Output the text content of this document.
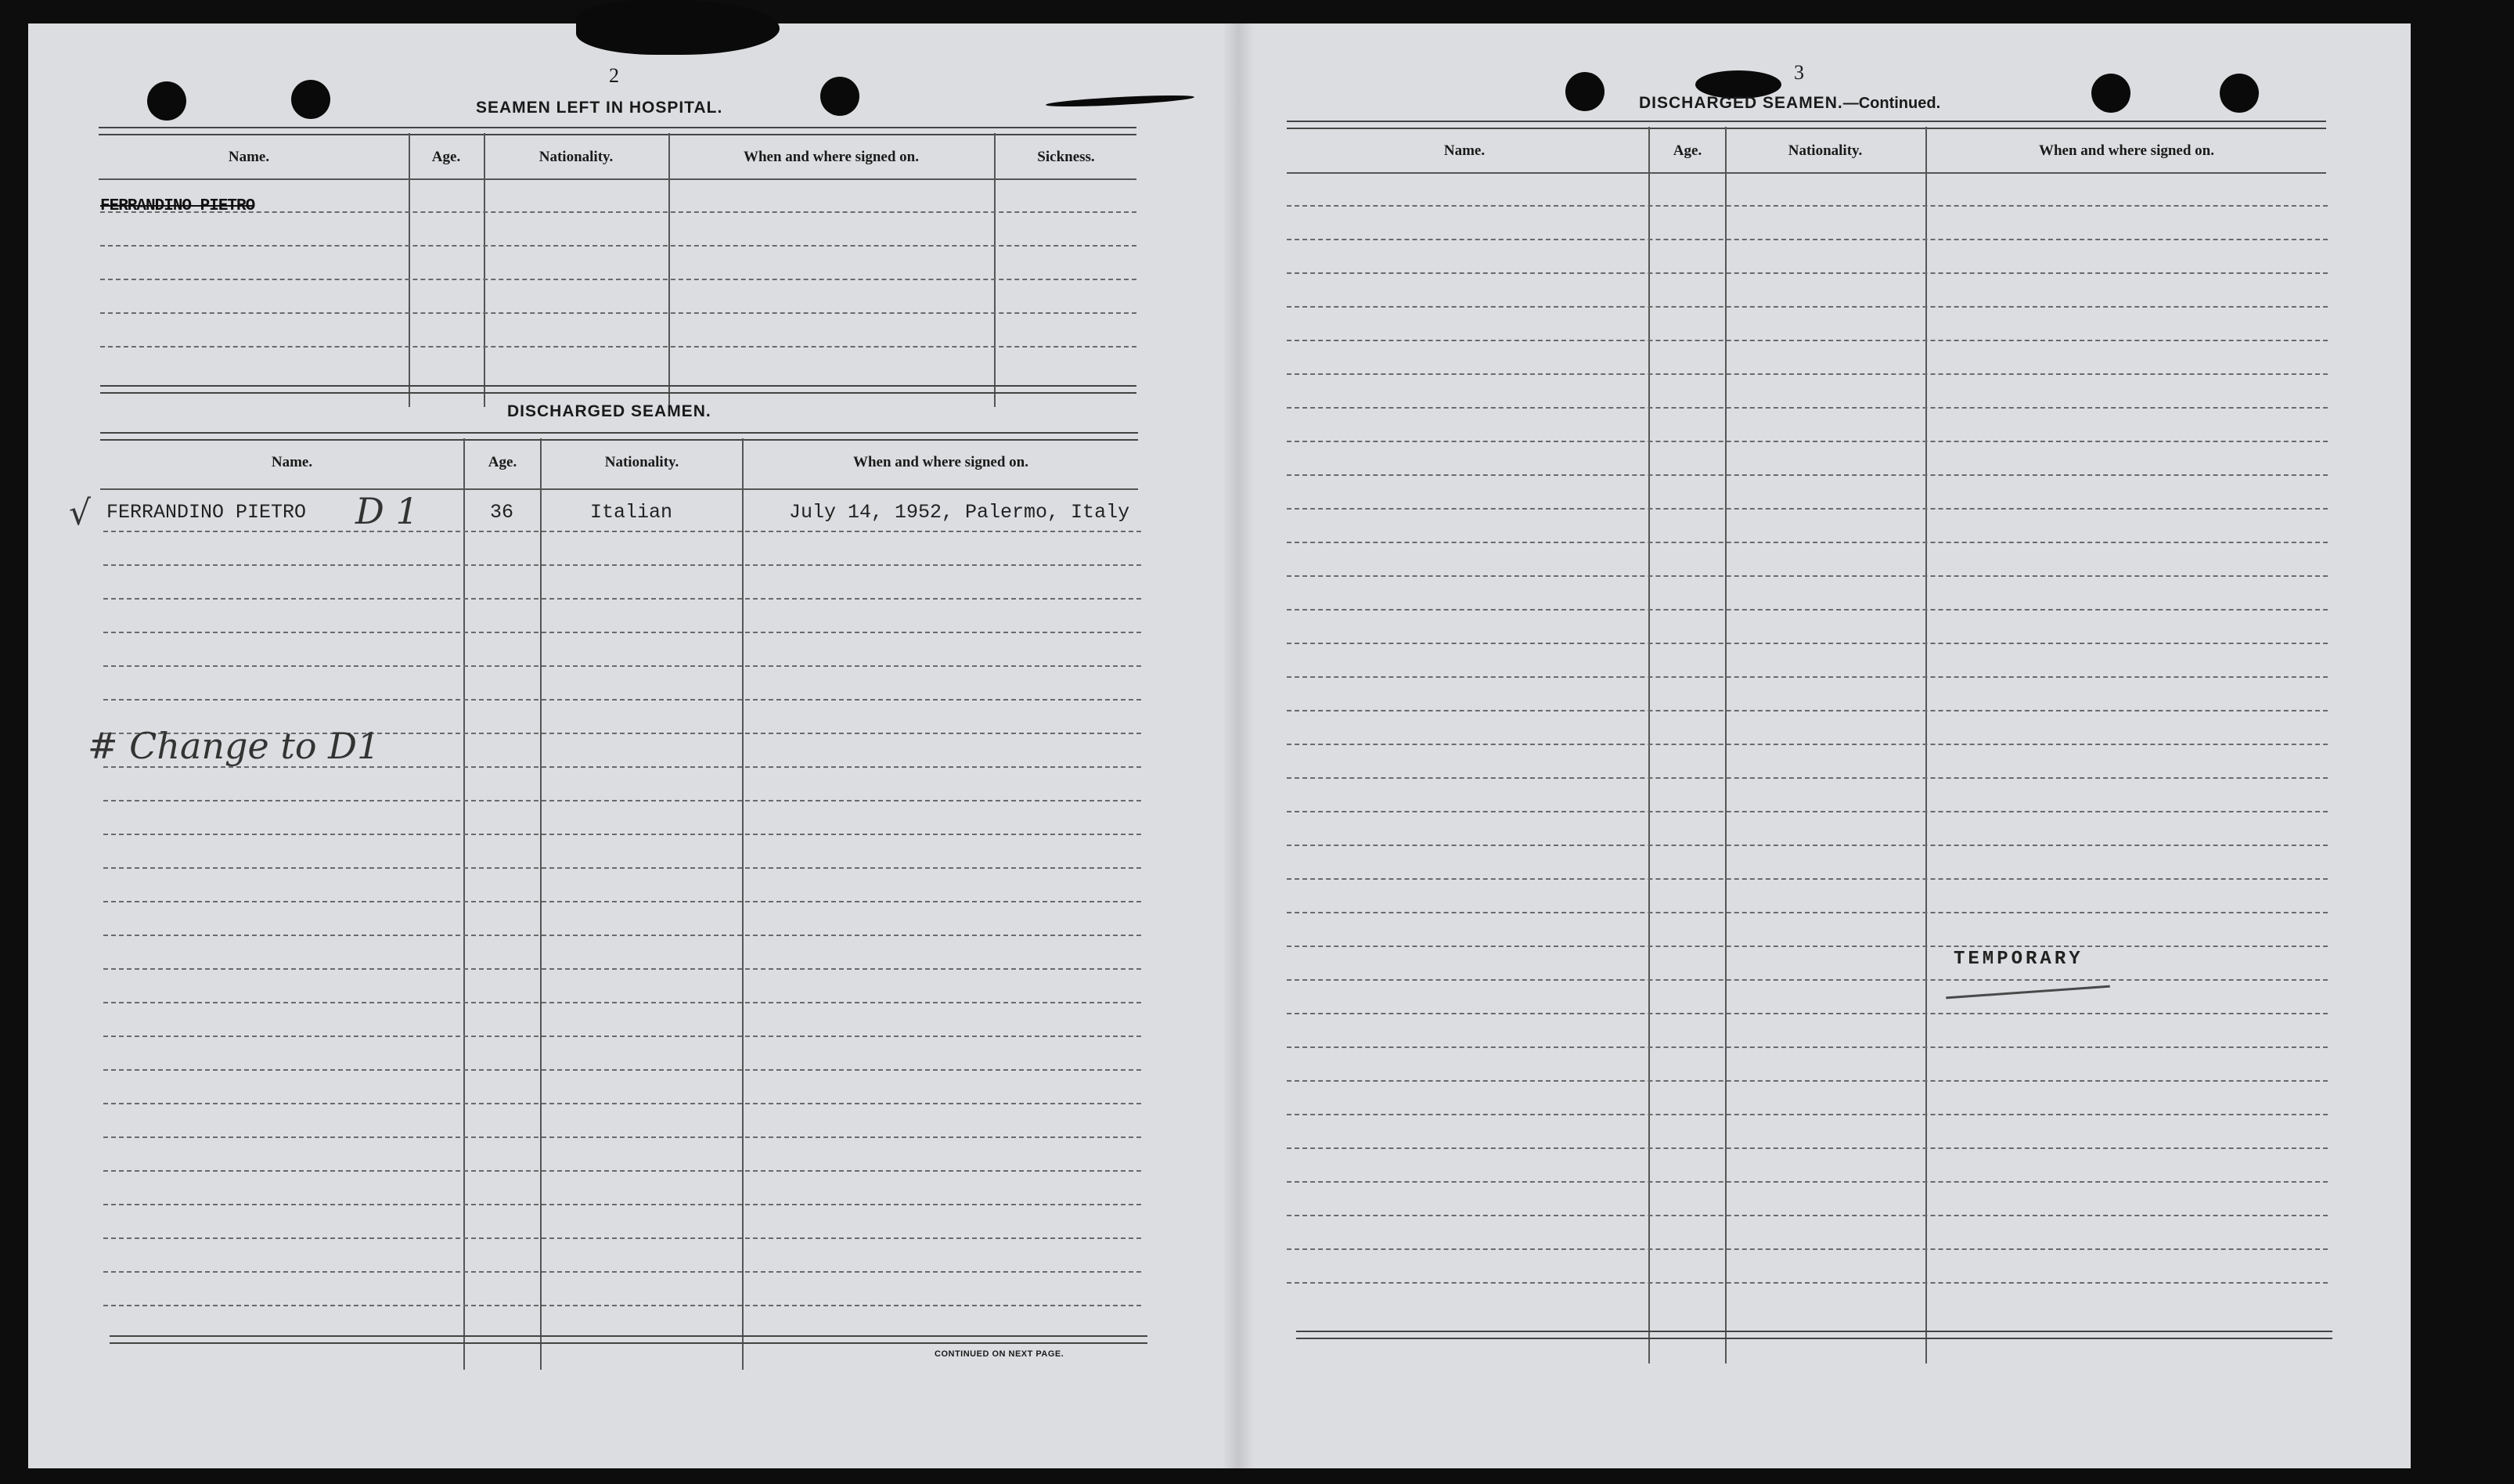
2
SEAMEN LEFT IN HOSPITAL.
Name.	Age.	Nationality.	When and where signed on.	Sickness.
FERRANDINO PIETRO
DISCHARGED SEAMEN.
Name.	Age.	Nationality.	When and where signed on.
√ FERRANDINO PIETRO D 1	36	Italian	July 14, 1952, Palermo, Italy
# Change to D1
CONTINUED ON NEXT PAGE.
3
DISCHARGED SEAMEN.—Continued.
Name.	Age.	Nationality.	When and where signed on.
TEMPORARY
